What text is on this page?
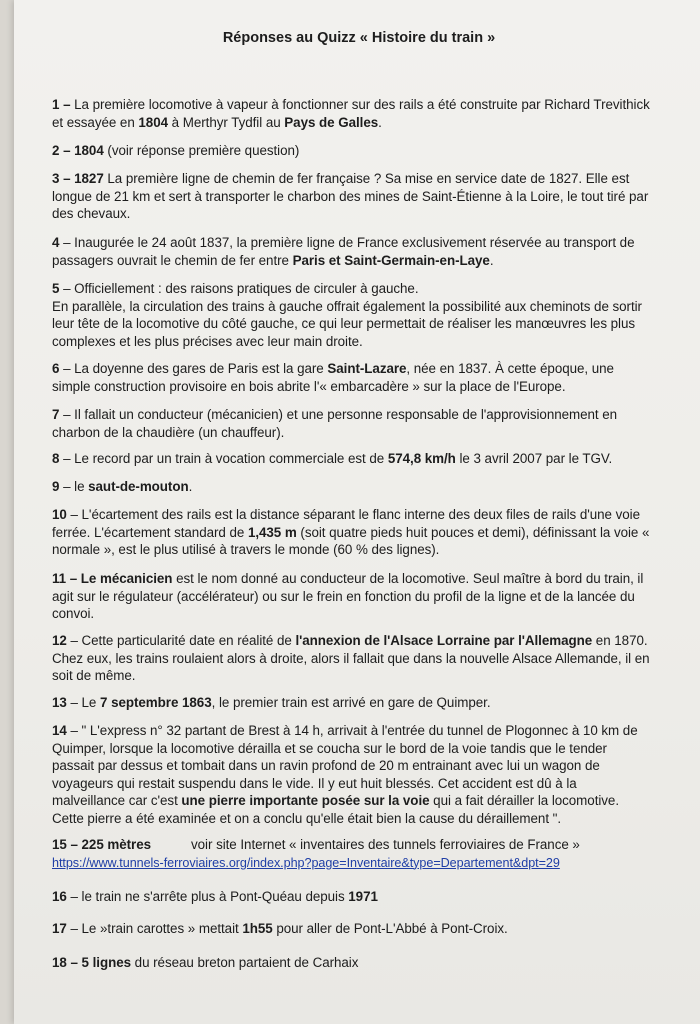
Réponses au Quizz « Histoire du train »
1 – La première locomotive à vapeur à fonctionner sur des rails a été construite par Richard Trevithick et essayée en 1804 à Merthyr Tydfil au Pays de Galles.
2 – 1804 (voir réponse première question)
3 – 1827 La première ligne de chemin de fer française ? Sa mise en service date de 1827. Elle est longue de 21 km et sert à transporter le charbon des mines de Saint-Étienne à la Loire, le tout tiré par des chevaux.
4 – Inaugurée le 24 août 1837, la première ligne de France exclusivement réservée au transport de passagers ouvrait le chemin de fer entre Paris et Saint-Germain-en-Laye.
5 – Officiellement : des raisons pratiques de circuler à gauche.
En parallèle, la circulation des trains à gauche offrait également la possibilité aux cheminots de sortir leur tête de la locomotive du côté gauche, ce qui leur permettait de réaliser les manœuvres les plus complexes et les plus précises avec leur main droite.
6 – La doyenne des gares de Paris est la gare Saint-Lazare, née en 1837. À cette époque, une simple construction provisoire en bois abrite l'« embarcadère » sur la place de l'Europe.
7 – Il fallait un conducteur (mécanicien) et une personne responsable de l'approvisionnement en charbon de la chaudière (un chauffeur).
8 – Le record par un train à vocation commerciale est de 574,8 km/h le 3 avril 2007 par le TGV.
9 – le saut-de-mouton.
10 – L'écartement des rails est la distance séparant le flanc interne des deux files de rails d'une voie ferrée. L'écartement standard de 1,435 m (soit quatre pieds huit pouces et demi), définissant la voie « normale », est le plus utilisé à travers le monde (60 % des lignes).
11 – Le mécanicien est le nom donné au conducteur de la locomotive. Seul maître à bord du train, il agit sur le régulateur (accélérateur) ou sur le frein en fonction du profil de la ligne et de la lancée du convoi.
12 – Cette particularité date en réalité de l'annexion de l'Alsace Lorraine par l'Allemagne en 1870. Chez eux, les trains roulaient alors à droite, alors il fallait que dans la nouvelle Alsace Allemande, il en soit de même.
13 – Le 7 septembre 1863, le premier train est arrivé en gare de Quimper.
14 – " L'express n° 32 partant de Brest à 14 h, arrivait à l'entrée du tunnel de Plogonnec à 10 km de Quimper, lorsque la locomotive dérailla et se coucha sur le bord de la voie tandis que le tender passait par dessus et tombait dans un ravin profond de 20 m entrainant avec lui un wagon de voyageurs qui restait suspendu dans le vide. Il y eut huit blessés. Cet accident est dû à la malveillance car c'est une pierre importante posée sur la voie qui a fait dérailler la locomotive. Cette pierre a été examinée et on a conclu qu'elle était bien la cause du déraillement ".
15 – 225 mètres	voir site Internet « inventaires des tunnels ferroviaires de France »
https://www.tunnels-ferroviaires.org/index.php?page=Inventaire&type=Departement&dpt=29
16 – le train ne s'arrête plus à Pont-Quéau depuis 1971
17 – Le »train carottes » mettait 1h55 pour aller de Pont-L'Abbé à Pont-Croix.
18 – 5 lignes du réseau breton partaient de Carhaix
